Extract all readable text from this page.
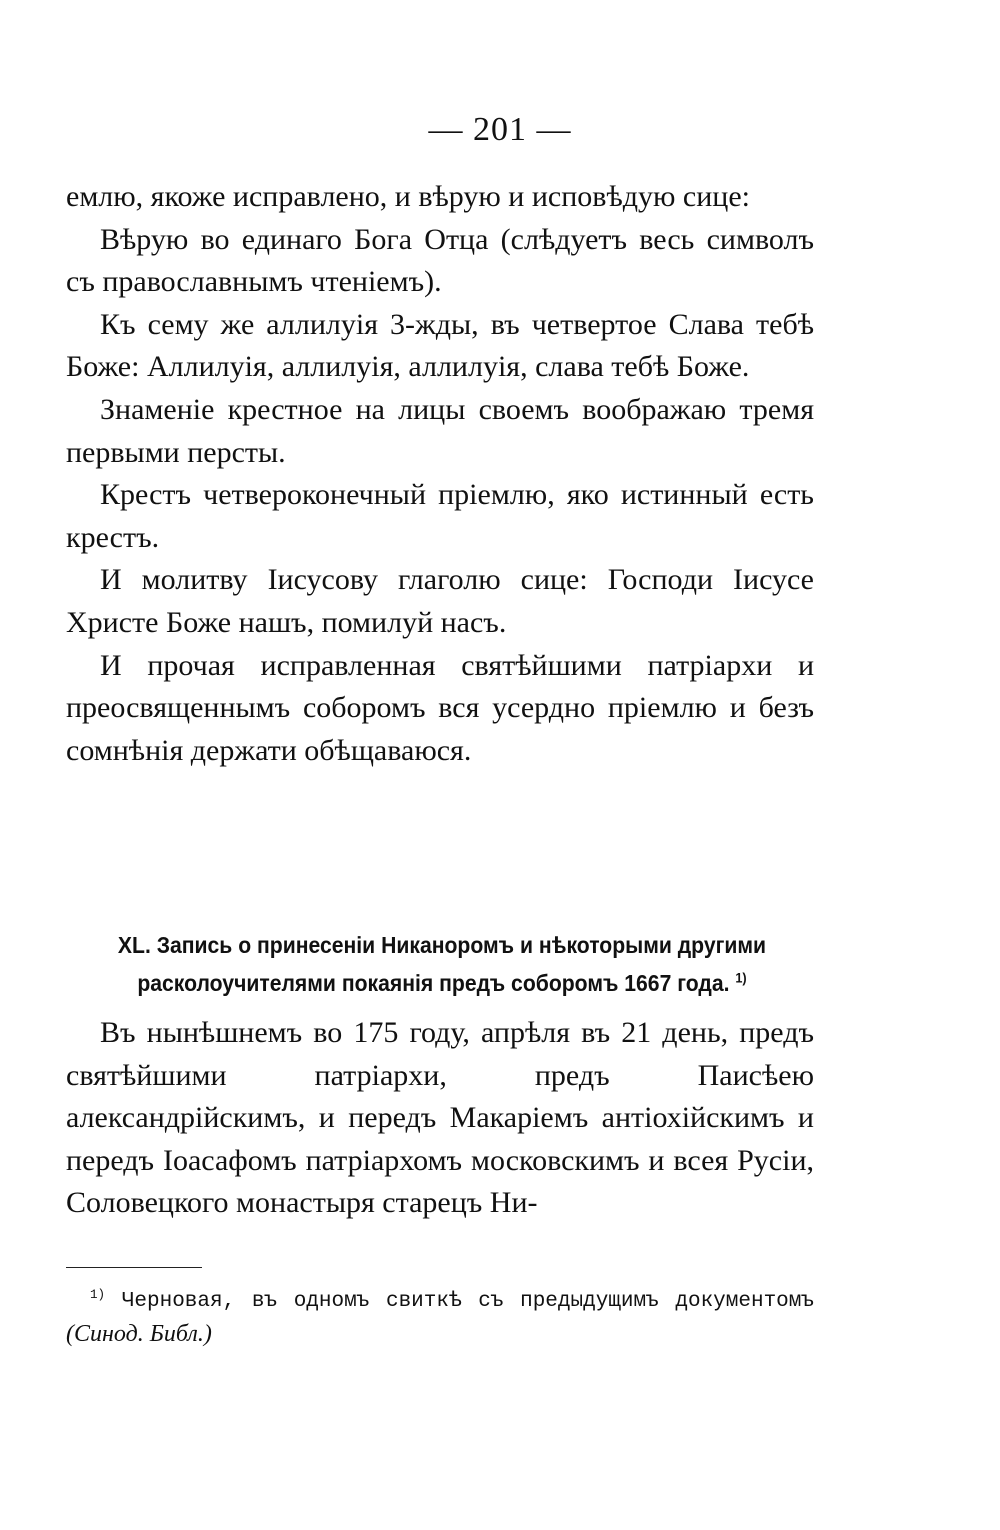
— 201 —

емлю, якоже исправлено, и вѣрую и исповѣдую сице:

Вѣрую во единаго Бога Отца (слѣдуетъ весь символъ съ православнымъ чтеніемъ).

Къ сему же аллилуія 3-жды, въ четвертое Слава тебѣ Боже: Аллилуія, аллилуія, аллилуія, слава тебѣ Боже.

Знаменіе крестное на лицы своемъ воображаю тремя первыми персты.

Крестъ четвероконечный пріемлю, яко истинный есть крестъ.

И молитву Іисусову глаголю сице: Господи Іисусе Христе Боже нашъ, помилуй насъ.

И прочая исправленная святѣйшими патріархи и преосвященнымъ соборомъ вся усердно пріемлю и безъ сомнѣнія держати обѣщаваюся.

XL. Запись о принесеніи Никаноромъ и нѣкоторыми другими
расколоучителями покаянія предъ соборомъ 1667 года. $^{1)}$

Въ нынѣшнемъ во 175 году, апрѣля въ 21 день, предъ святѣйшими патріархи, предъ Паисѣею александрійскимъ, и передъ Макаріемъ антіохійскимъ и передъ Іоасафомъ патріархомъ московскимъ и всея Русіи, Соловецкого монастыря старецъ Ни-

$^{1)}$ Черновая, въ одномъ свиткѣ съ предыдущимъ документомъ (Синод. Библ.)
